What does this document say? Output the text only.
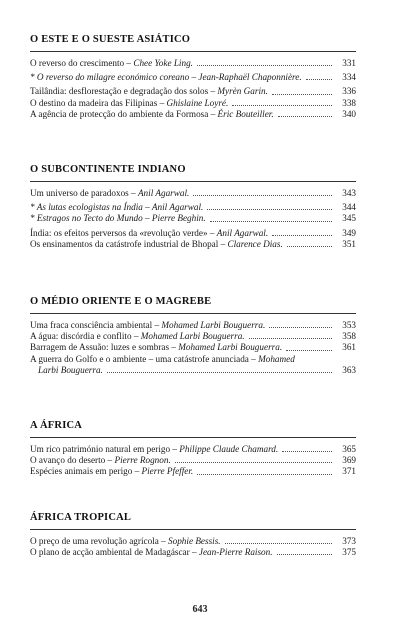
O ESTE E O SUESTE ASIÁTICO
O reverso do crescimento – Chee Yoke Ling.	331
* O reverso do milagre económico coreano – Jean-Raphaël Chaponnière.	334
Tailândia: desflorestação e degradação dos solos – Myrèn Garin.	336
O destino da madeira das Filipinas – Ghislaine Loyré.	338
A agência de protecção do ambiente da Formosa – Éric Bouteiller.	340
O SUBCONTINENTE INDIANO
Um universo de paradoxos – Anil Agarwal.	343
* As lutas ecologistas na Índia – Anil Agarwal.	344
* Estragos no Tecto do Mundo – Pierre Beghin.	345
Índia: os efeitos perversos da «revolução verde» – Anil Agarwal.	349
Os ensinamentos da catástrofe industrial de Bhopal – Clarence Dias.	351
O MÉDIO ORIENTE E O MAGREBE
Uma fraca consciência ambiental – Mohamed Larbi Bouguerra.	353
A água: discórdia e conflito – Mohamed Larbi Bouguerra.	358
Barragem de Assuão: luzes e sombras – Mohamed Larbi Bouguerra.	361
A guerra do Golfo e o ambiente – uma catástrofe anunciada – Mohamed
Larbi Bouguerra.	363
A ÁFRICA
Um rico património natural em perigo – Philippe Claude Chamard.	365
O avanço do deserto – Pierre Rognon.	369
Espécies animais em perigo – Pierre Pfeffer.	371
ÁFRICA TROPICAL
O preço de uma revolução agrícola – Sophie Bessis.	373
O plano de acção ambiental de Madagáscar – Jean-Pierre Raison.	375
643
